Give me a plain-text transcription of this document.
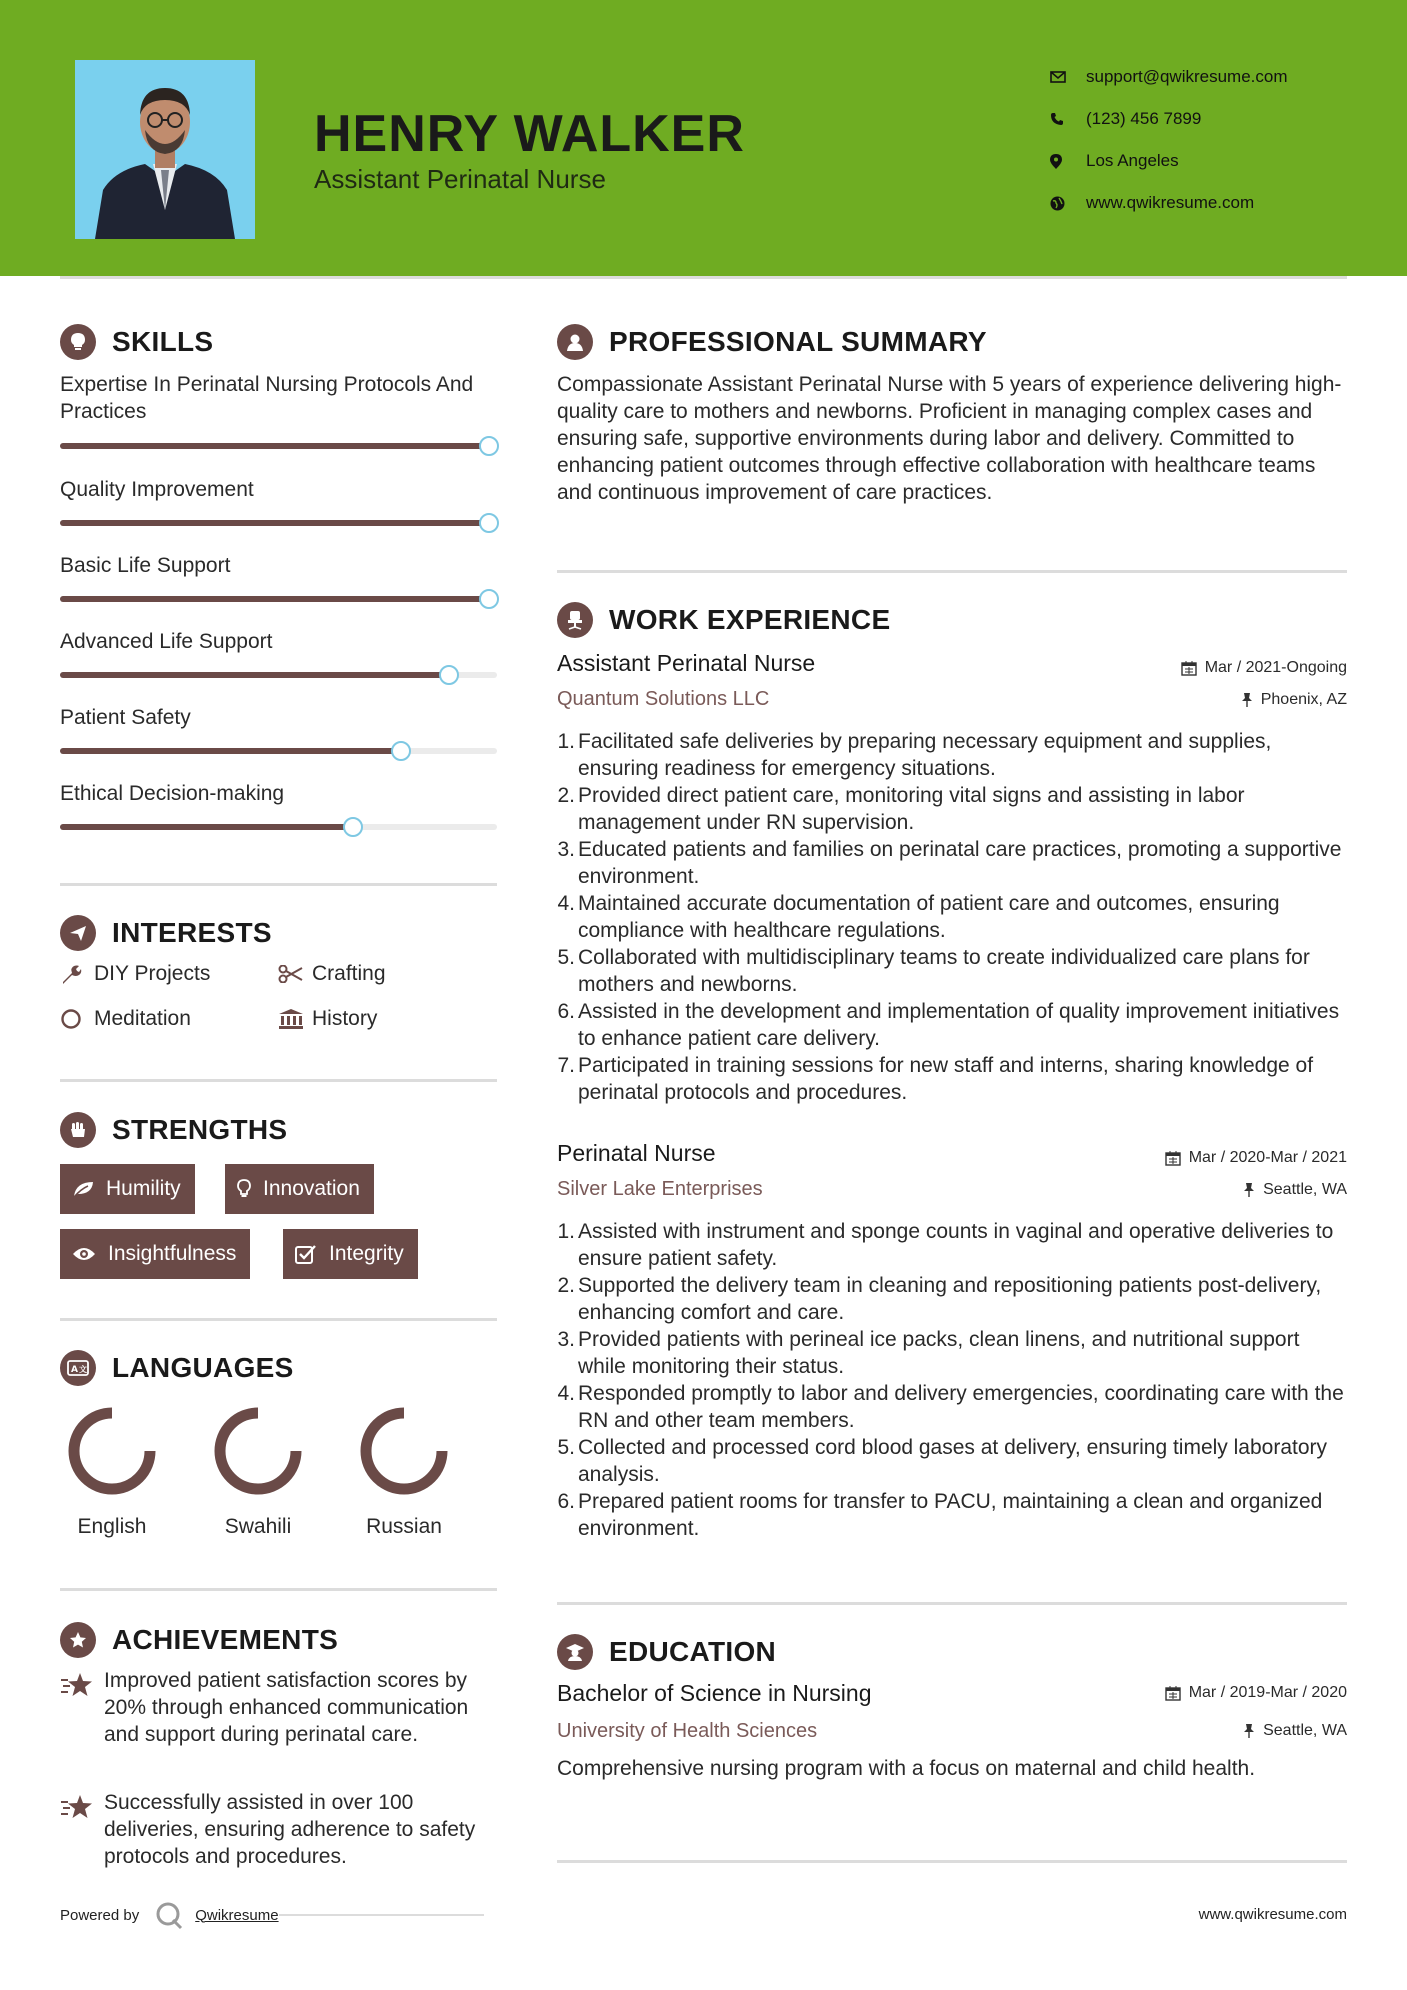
HENRY WALKER
Assistant Perinatal Nurse
support@qwikresume.com
(123) 456 7899
Los Angeles
www.qwikresume.com
SKILLS
Expertise In Perinatal Nursing Protocols And Practices
Quality Improvement
Basic Life Support
Advanced Life Support
Patient Safety
Ethical Decision-making
INTERESTS
DIY Projects	Crafting
Meditation	History
STRENGTHS
Humility	Innovation
Insightfulness	Integrity
A 文 LANGUAGES
English	Swahili	Russian
ACHIEVEMENTS
Improved patient satisfaction scores by 20% through enhanced communication and support during perinatal care.
Successfully assisted in over 100 deliveries, ensuring adherence to safety protocols and procedures.
PROFESSIONAL SUMMARY
Compassionate Assistant Perinatal Nurse with 5 years of experience delivering high-quality care to mothers and newborns. Proficient in managing complex cases and ensuring safe, supportive environments during labor and delivery. Committed to enhancing patient outcomes through effective collaboration with healthcare teams and continuous improvement of care practices.
WORK EXPERIENCE
Assistant Perinatal Nurse	Mar / 2021-Ongoing
Quantum Solutions LLC	Phoenix, AZ
1. Facilitated safe deliveries by preparing necessary equipment and supplies, ensuring readiness for emergency situations.
2. Provided direct patient care, monitoring vital signs and assisting in labor management under RN supervision.
3. Educated patients and families on perinatal care practices, promoting a supportive environment.
4. Maintained accurate documentation of patient care and outcomes, ensuring compliance with healthcare regulations.
5. Collaborated with multidisciplinary teams to create individualized care plans for mothers and newborns.
6. Assisted in the development and implementation of quality improvement initiatives to enhance patient care delivery.
7. Participated in training sessions for new staff and interns, sharing knowledge of perinatal protocols and procedures.
Perinatal Nurse	Mar / 2020-Mar / 2021
Silver Lake Enterprises	Seattle, WA
1. Assisted with instrument and sponge counts in vaginal and operative deliveries to ensure patient safety.
2. Supported the delivery team in cleaning and repositioning patients post-delivery, enhancing comfort and care.
3. Provided patients with perineal ice packs, clean linens, and nutritional support while monitoring their status.
4. Responded promptly to labor and delivery emergencies, coordinating care with the RN and other team members.
5. Collected and processed cord blood gases at delivery, ensuring timely laboratory analysis.
6. Prepared patient rooms for transfer to PACU, maintaining a clean and organized environment.
EDUCATION
Bachelor of Science in Nursing	Mar / 2019-Mar / 2020
University of Health Sciences	Seattle, WA
Comprehensive nursing program with a focus on maternal and child health.
Powered by	Qwikresume	www.qwikresume.com
